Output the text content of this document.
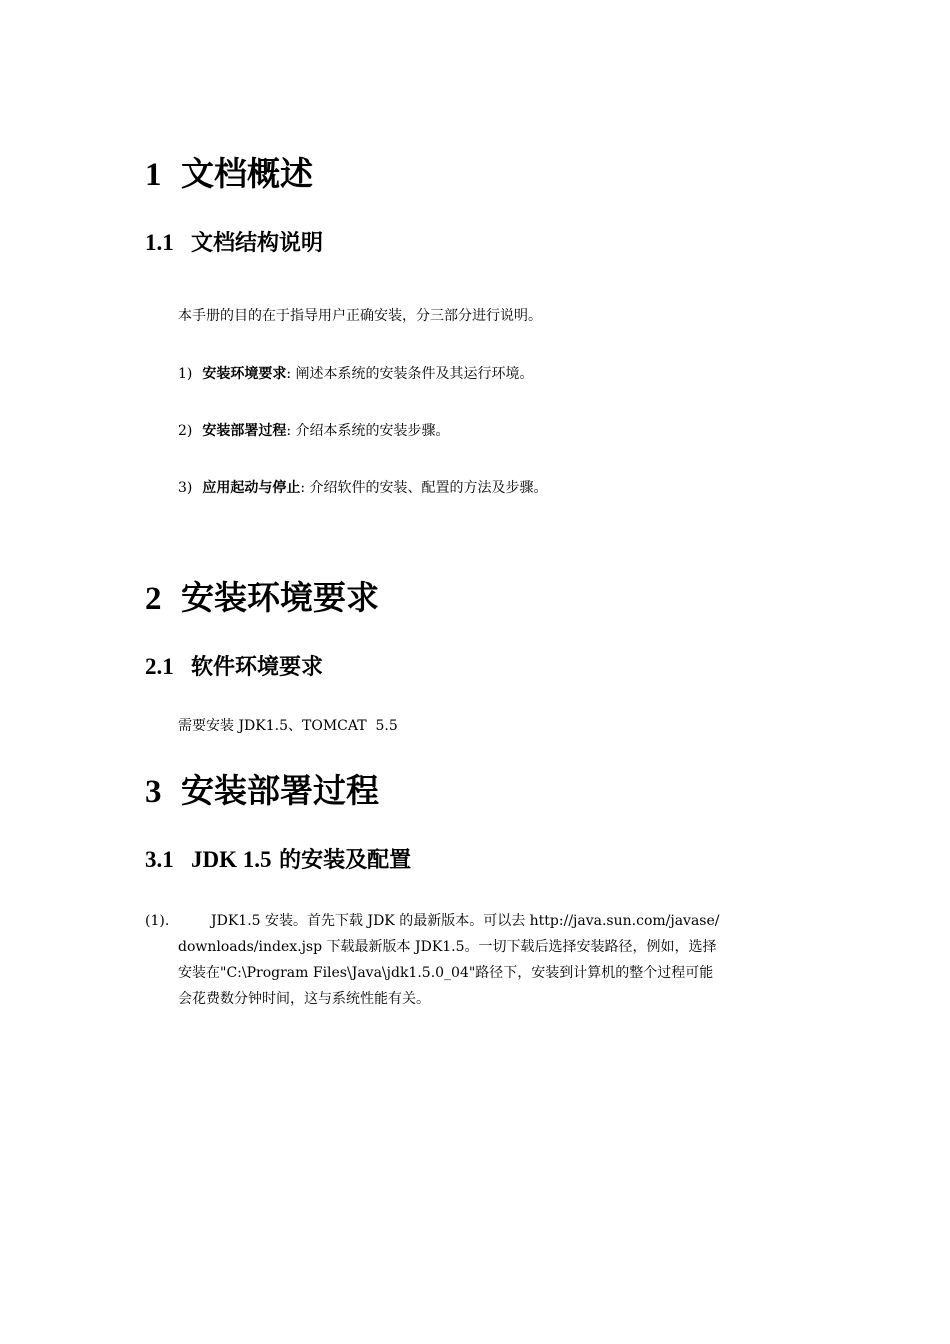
1 文档概述
1.1 文档结构说明

本手册的目的在于指导用户正确安装，分三部分进行说明。

1) 安装环境要求: 阐述本系统的安装条件及其运行环境。

2) 安装部署过程: 介绍本系统的安装步骤。

3) 应用起动与停止: 介绍软件的安装、配置的方法及步骤。

2 安装环境要求
2.1 软件环境要求

需要安装 JDK1.5、TOMCAT  5.5

3 安装部署过程
3.1 JDK 1.5 的安装及配置
(1).	JDK1.5 安装。首先下载 JDK 的最新版本。可以去 http://java.sun.com/javase/
downloads/index.jsp 下载最新版本 JDK1.5。一切下载后选择安装路径，例如，选择
安装在"C:\Program Files\Java\jdk1.5.0_04"路径下，安装到计算机的整个过程可能
会花费数分钟时间，这与系统性能有关。
